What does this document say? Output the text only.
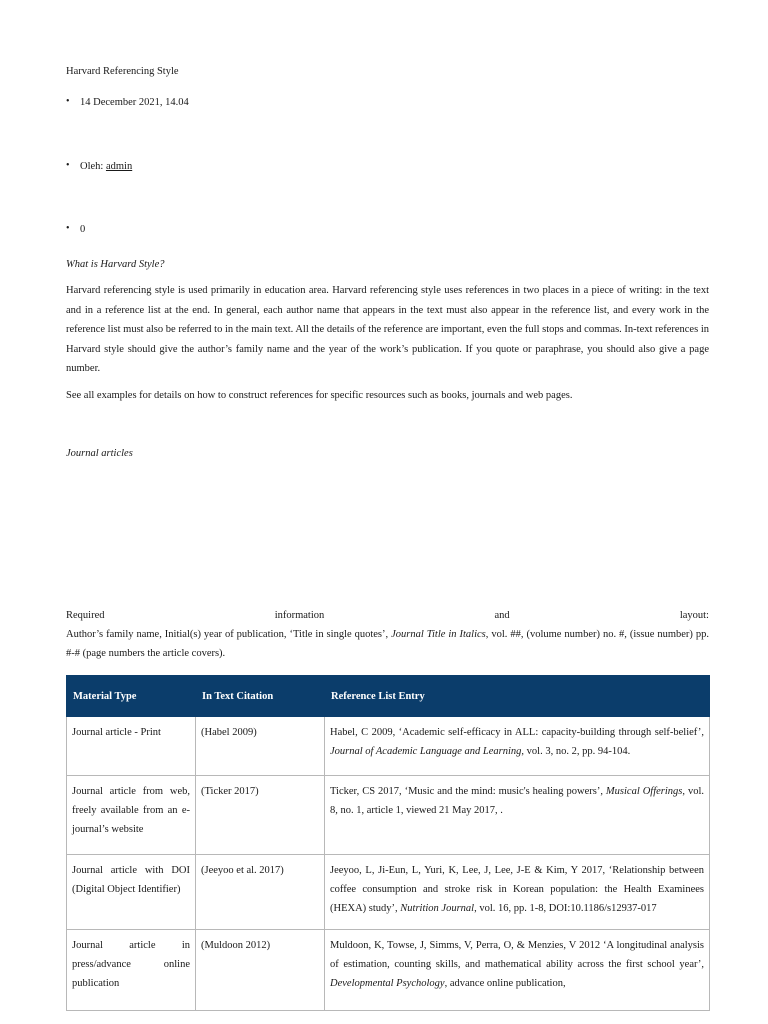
Harvard Referencing Style
• 14 December 2021, 14.04
• Oleh: admin
• 0
What is Harvard Style?
Harvard referencing style is used primarily in education area. Harvard referencing style uses references in two places in a piece of writing: in the text and in a reference list at the end. In general, each author name that appears in the text must also appear in the reference list, and every work in the reference list must also be referred to in the main text. All the details of the reference are important, even the full stops and commas. In-text references in Harvard style should give the author’s family name and the year of the work’s publication. If you quote or paraphrase, you should also give a page number.
See all examples for details on how to construct references for specific resources such as books, journals and web pages.
Journal articles
Required	information	and	layout:
Author’s family name, Initial(s) year of publication, ‘Title in single quotes’, Journal Title in Italics, vol. ##, (volume number) no. #, (issue number) pp. #-# (page numbers the article covers).
Material Type	In Text Citation	Reference List Entry
Journal article - Print	(Habel 2009)	Habel, C 2009, ‘Academic self-efficacy in ALL: capacity-building through self-belief’, Journal of Academic Language and Learning, vol. 3, no. 2, pp. 94-104.
Journal article from web, freely available from an e-journal’s website	(Ticker 2017)	Ticker, CS 2017, ‘Music and the mind: music's healing powers’, Musical Offerings, vol. 8, no. 1, article 1, viewed 21 May 2017, .
Journal article with DOI (Digital Object Identifier)	(Jeeyoo et al. 2017)	Jeeyoo, L, Ji-Eun, L, Yuri, K, Lee, J, Lee, J-E & Kim, Y 2017, ‘Relationship between coffee consumption and stroke risk in Korean population: the Health Examinees (HEXA) study’, Nutrition Journal, vol. 16, pp. 1-8, DOI:10.1186/s12937-017
Journal article in press/advance online publication	(Muldoon 2012)	Muldoon, K, Towse, J, Simms, V, Perra, O, & Menzies, V 2012 ‘A longitudinal analysis of estimation, counting skills, and mathematical ability across the first school year’, Developmental Psychology, advance online publication,
